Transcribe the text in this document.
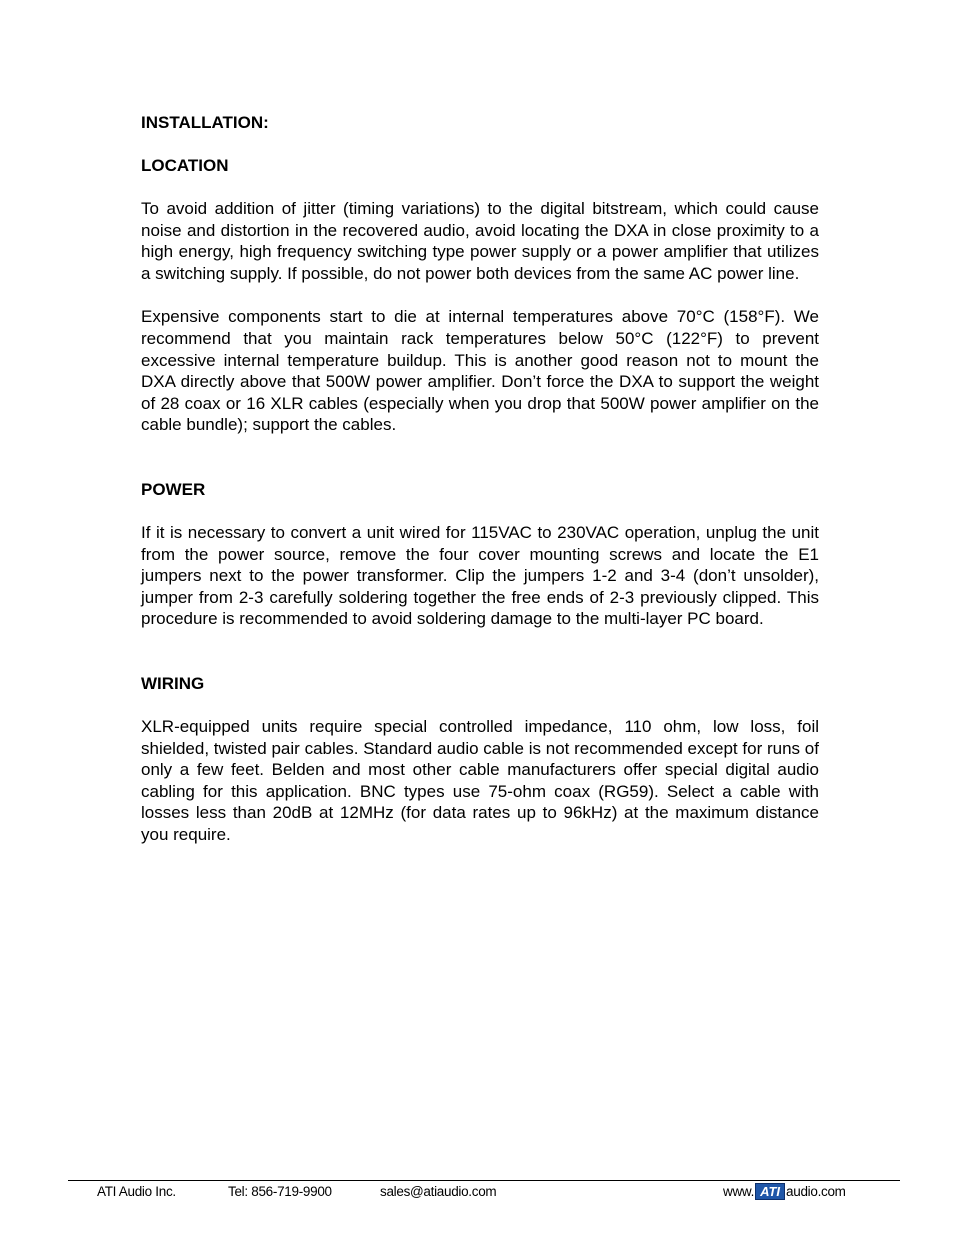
INSTALLATION:
LOCATION

To avoid addition of jitter (timing variations) to the digital bitstream, which could cause noise and distortion in the recovered audio, avoid locating the DXA in close proximity to a high energy, high frequency switching type power supply or a power amplifier that utilizes a switching supply. If possible, do not power both devices from the same AC power line.

Expensive components start to die at internal temperatures above 70°C (158°F). We recommend that you maintain rack temperatures below 50°C (122°F) to prevent excessive internal temperature buildup. This is another good reason not to mount the DXA directly above that 500W power amplifier. Don’t force the DXA to support the weight of 28 coax or 16 XLR cables (especially when you drop that 500W power amplifier on the cable bundle); support the cables.

POWER

If it is necessary to convert a unit wired for 115VAC to 230VAC operation, unplug the unit from the power source, remove the four cover mounting screws and locate the E1 jumpers next to the power transformer. Clip the jumpers 1-2 and 3-4 (don’t unsolder), jumper from 2-3 carefully soldering together the free ends of 2-3 previously clipped. This procedure is recommended to avoid soldering damage to the multi-layer PC board.

WIRING

XLR-equipped units require special controlled impedance, 110 ohm, low loss, foil shielded, twisted pair cables. Standard audio cable is not recommended except for runs of only a few feet. Belden and most other cable manufacturers offer special digital audio cabling for this application. BNC types use 75-ohm coax (RG59). Select a cable with losses less than 20dB at 12MHz (for data rates up to 96kHz) at the maximum distance you require.

ATI Audio Inc.	Tel: 856-719-9900	sales@atiaudio.com	www. ATI audio.com
